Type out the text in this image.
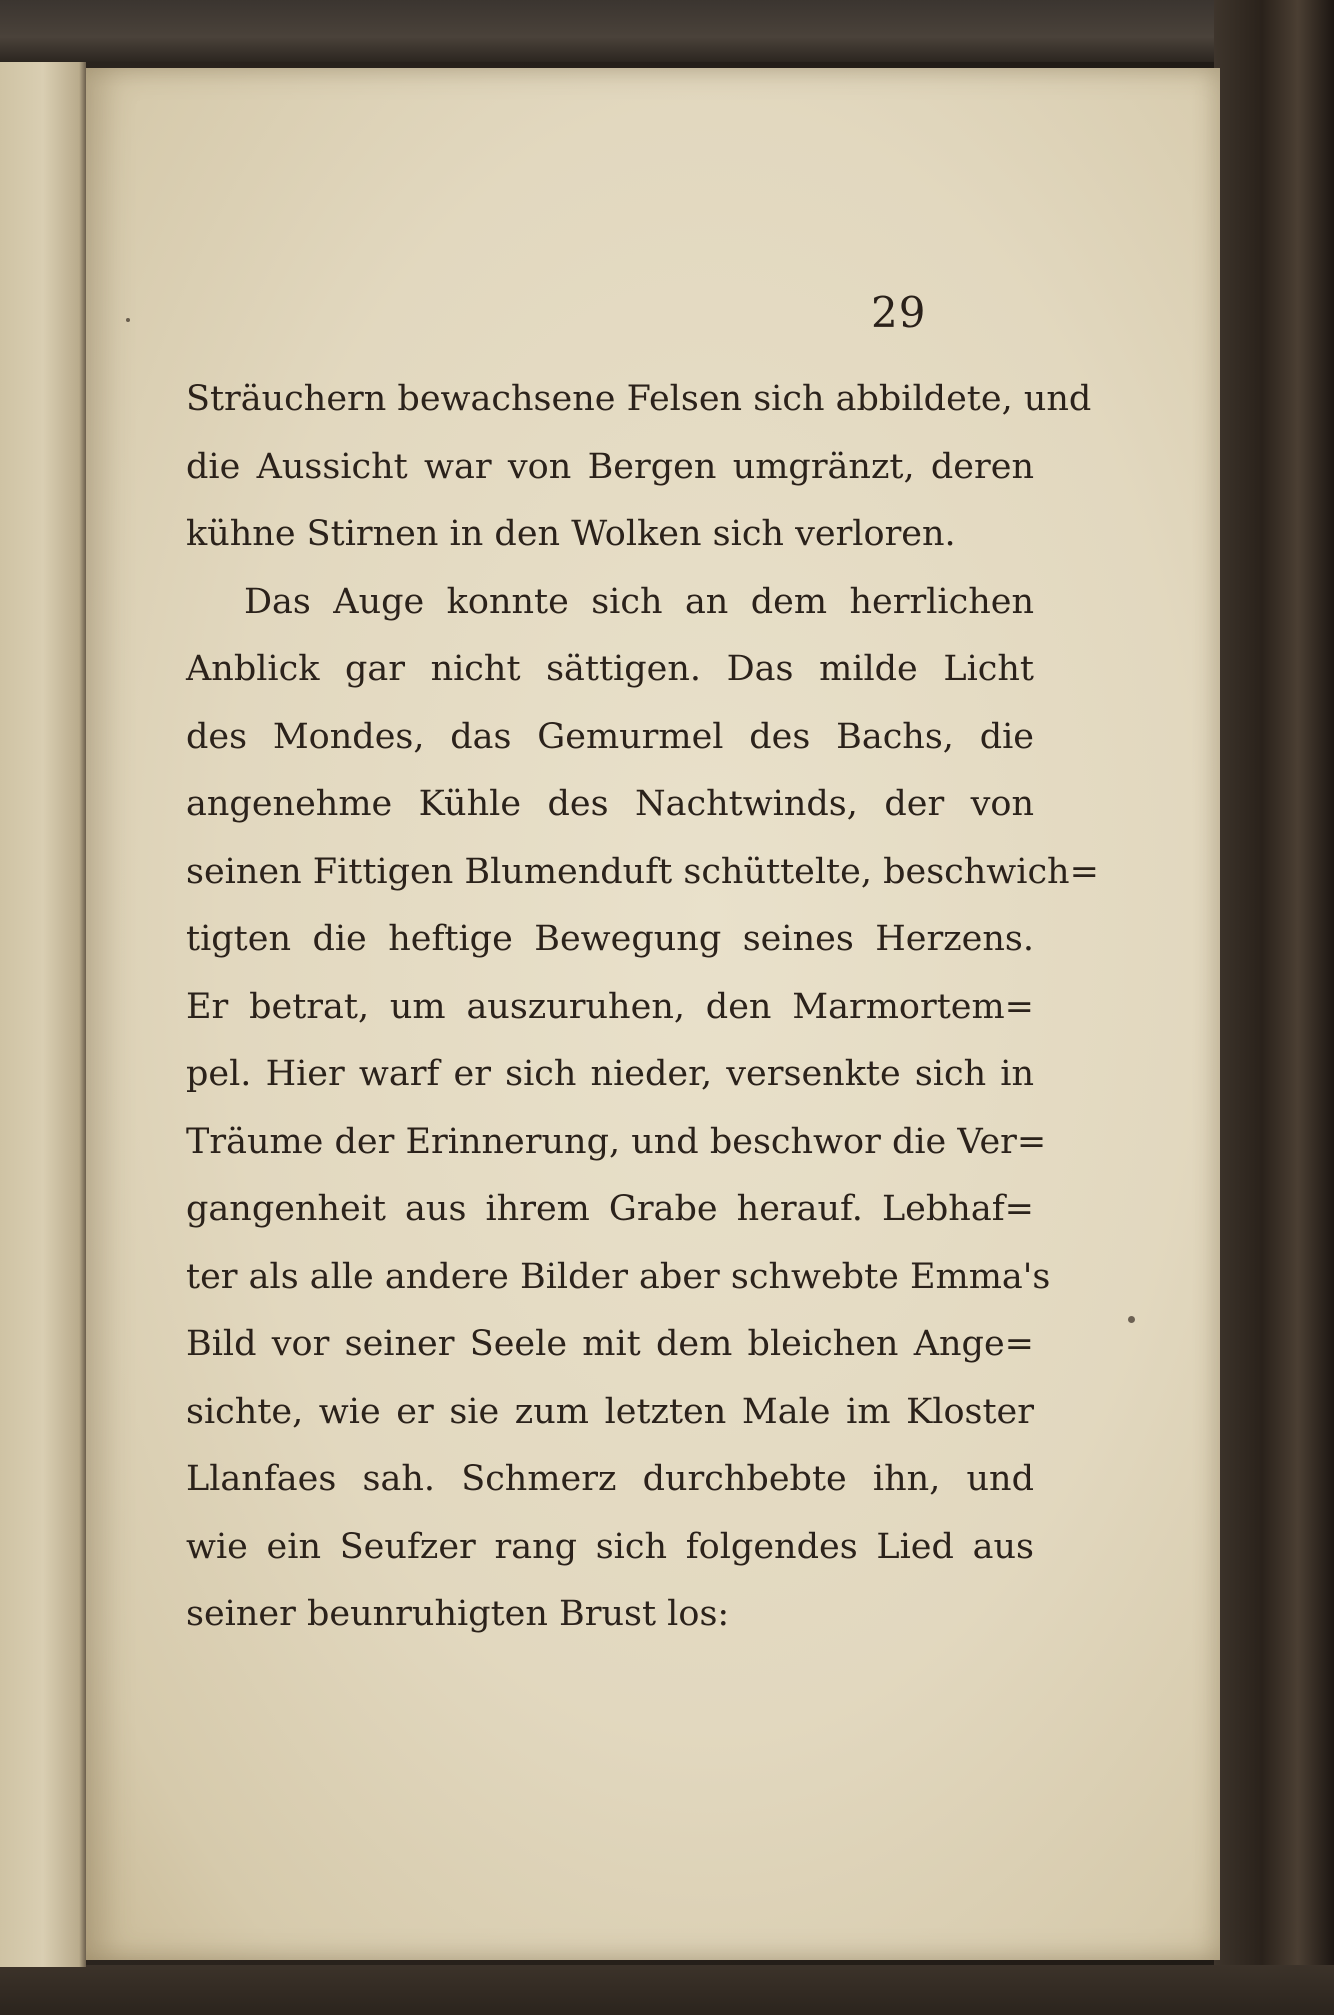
29
Sträuchern bewachsene Felsen sich abbildete, und
die Aussicht war von Bergen umgränzt, deren
kühne Stirnen in den Wolken sich verloren.
Das Auge konnte sich an dem herrlichen
Anblick gar nicht sättigen. Das milde Licht
des Mondes, das Gemurmel des Bachs, die
angenehme Kühle des Nachtwinds, der von
seinen Fittigen Blumenduft schüttelte, beschwich=
tigten die heftige Bewegung seines Herzens.
Er betrat, um auszuruhen, den Marmortem=
pel. Hier warf er sich nieder, versenkte sich in
Träume der Erinnerung, und beschwor die Ver=
gangenheit aus ihrem Grabe herauf. Lebhaf=
ter als alle andere Bilder aber schwebte Emma's
Bild vor seiner Seele mit dem bleichen Ange=
sichte, wie er sie zum letzten Male im Kloster
Llanfaes sah. Schmerz durchbebte ihn, und
wie ein Seufzer rang sich folgendes Lied aus
seiner beunruhigten Brust los:
